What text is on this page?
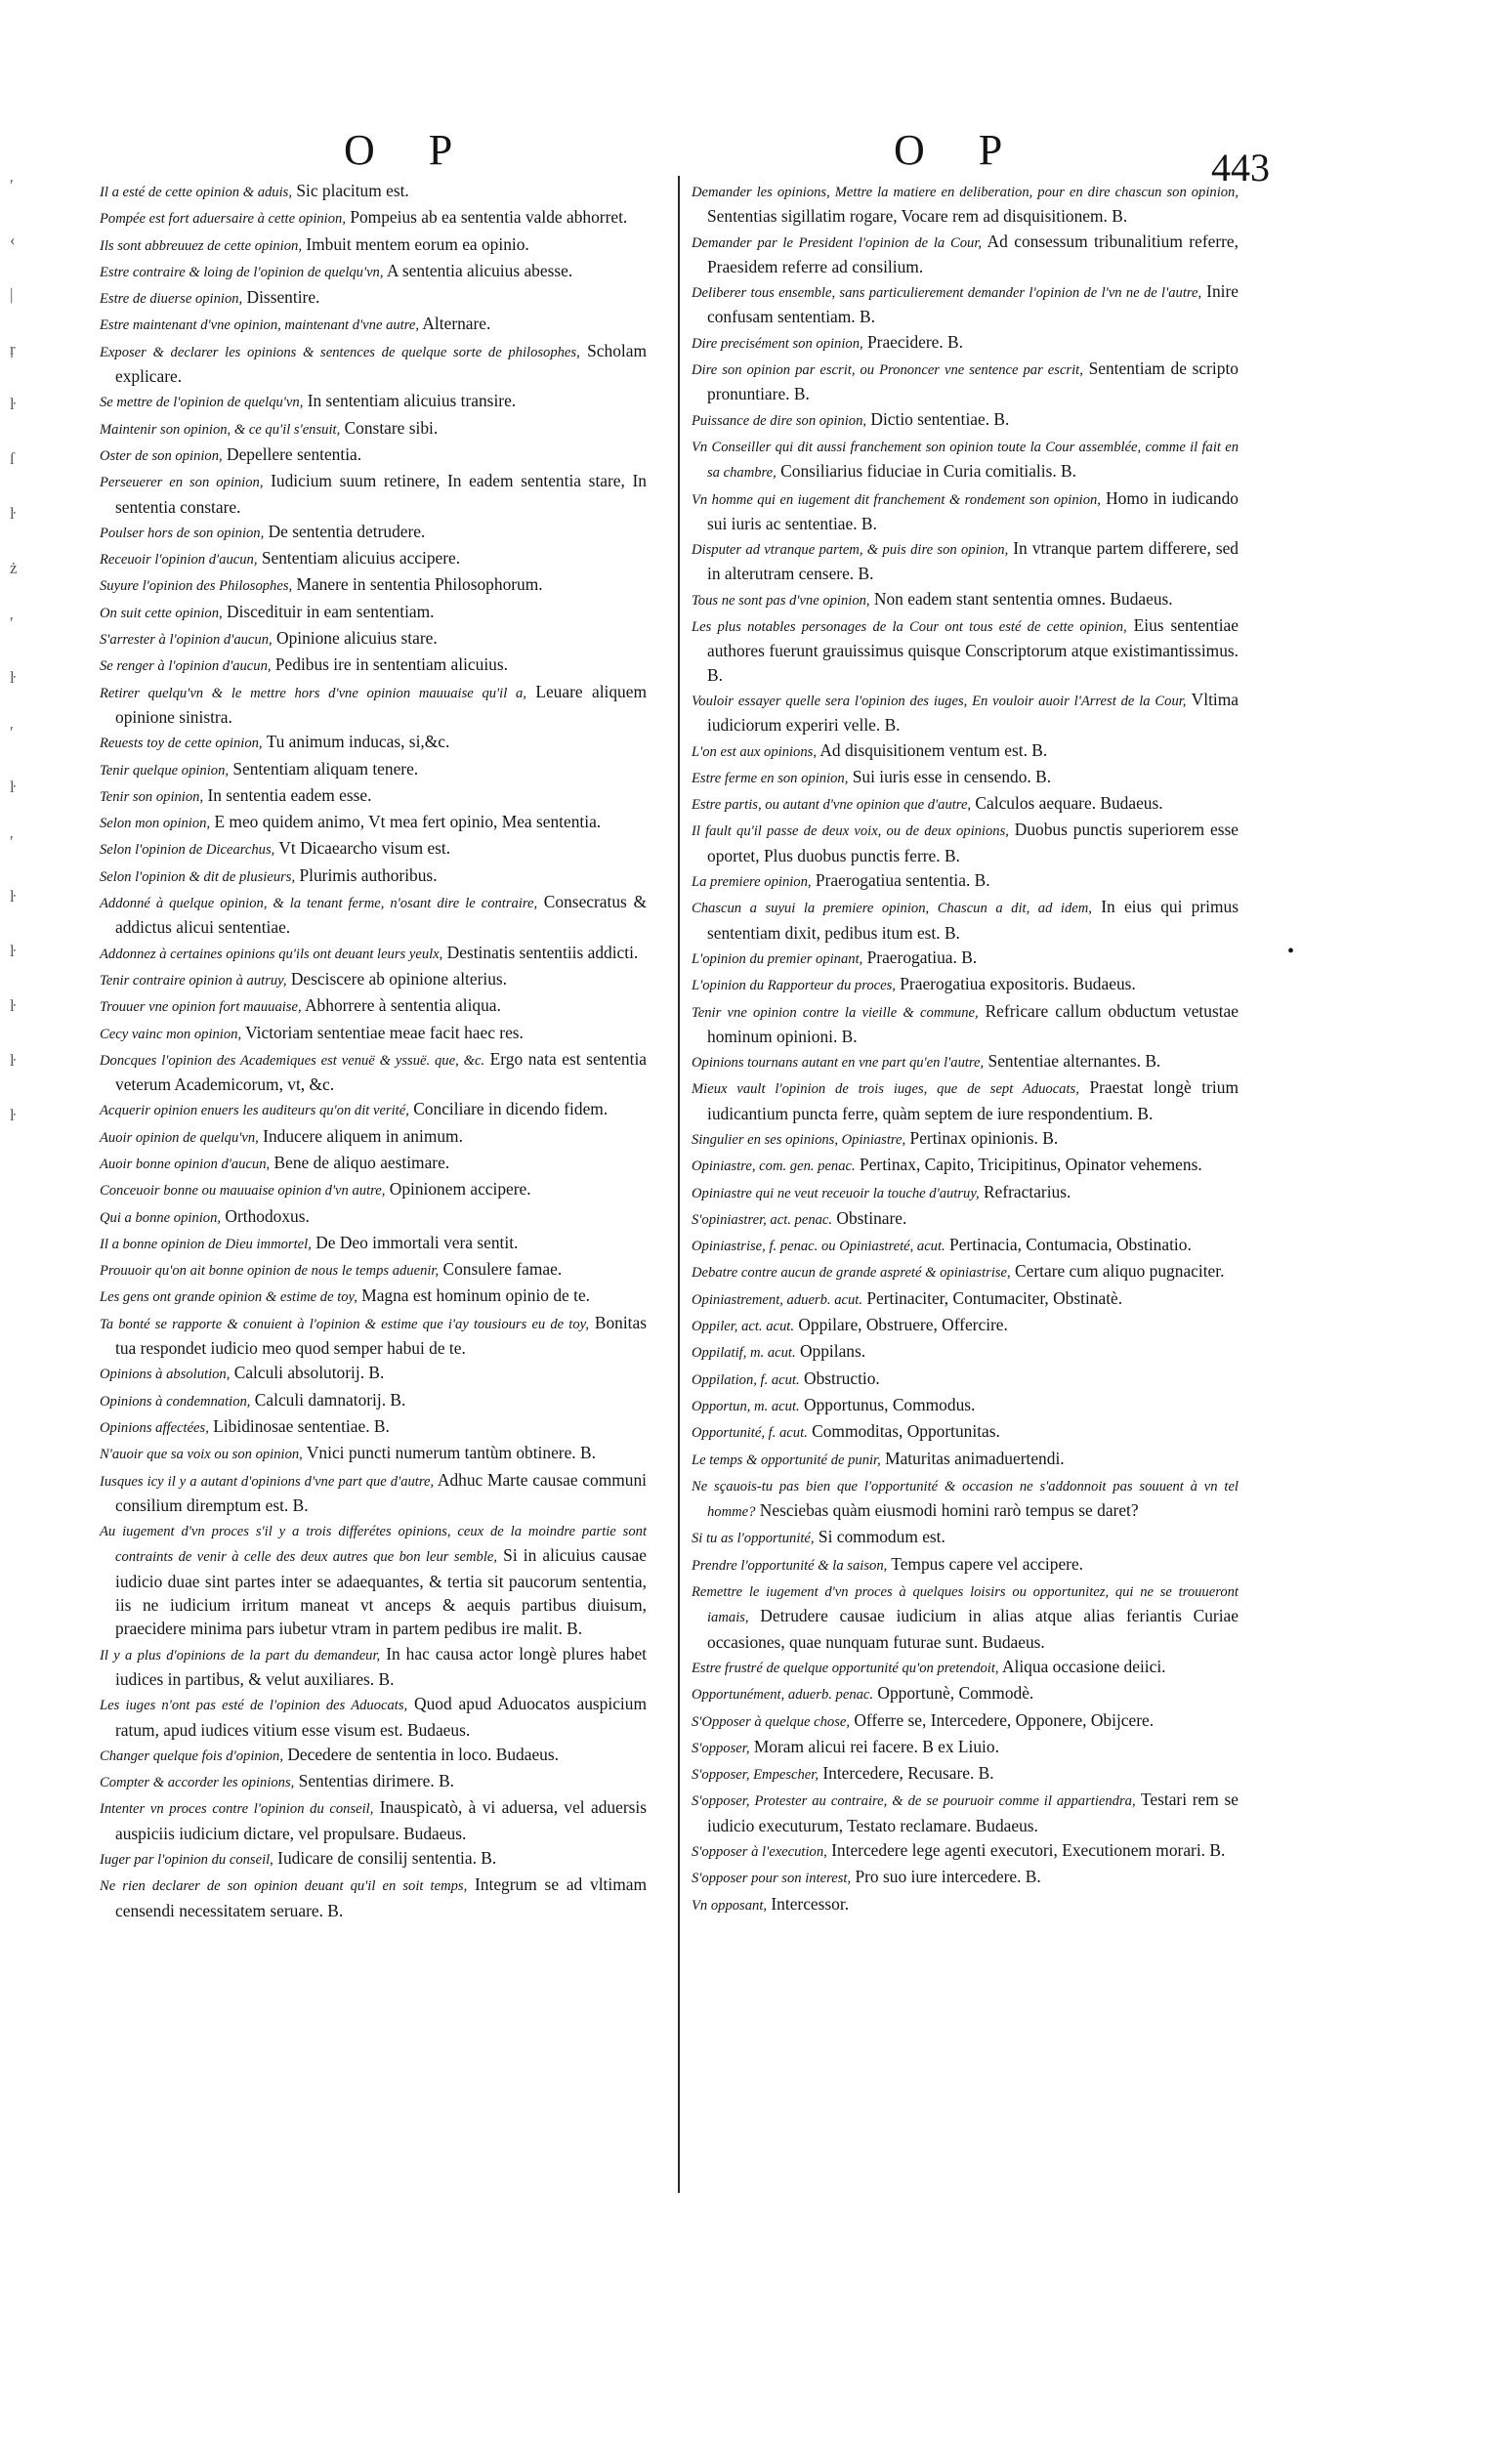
O P	O P	443
ʹ
‹
|
ŗ
ŀ
ſ
ŀ
ż
ʹ
ŀ
ʹ
ŀ
ʹ
ŀ
ŀ
ŀ
ŀ
ŀ

Il a esté de cette opinion & aduis, Sic placitum est.

Pompée est fort aduersaire à cette opinion, Pompeius ab ea sententia valde abhorret.

Ils sont abbreuuez de cette opinion, Imbuit mentem eorum ea opinio.

Estre contraire & loing de l'opinion de quelqu'vn, A sententia alicuius abesse.

Estre de diuerse opinion, Dissentire.

Estre maintenant d'vne opinion, maintenant d'vne autre, Alternare.

Exposer & declarer les opinions & sentences de quelque sorte de philosophes, Scholam explicare.

Se mettre de l'opinion de quelqu'vn, In sententiam alicuius transire.

Maintenir son opinion, & ce qu'il s'ensuit, Constare sibi.

Oster de son opinion, Depellere sententia.

Perseuerer en son opinion, Iudicium suum retinere, In eadem sententia stare, In sententia constare.

Poulser hors de son opinion, De sententia detrudere.

Receuoir l'opinion d'aucun, Sententiam alicuius accipere.

Suyure l'opinion des Philosophes, Manere in sententia Philosophorum.

On suit cette opinion, Discedituir in eam sententiam.

S'arrester à l'opinion d'aucun, Opinione alicuius stare.

Se renger à l'opinion d'aucun, Pedibus ire in sententiam alicuius.

Retirer quelqu'vn & le mettre hors d'vne opinion mauuaise qu'il a, Leuare aliquem opinione sinistra.

Reuests toy de cette opinion, Tu animum inducas, si,&c.

Tenir quelque opinion, Sententiam aliquam tenere.

Tenir son opinion, In sententia eadem esse.

Selon mon opinion, E meo quidem animo, Vt mea fert opinio, Mea sententia.

Selon l'opinion de Dicearchus, Vt Dicaearcho visum est.

Selon l'opinion & dit de plusieurs, Plurimis authoribus.

Addonné à quelque opinion, & la tenant ferme, n'osant dire le contraire, Consecratus & addictus alicui sententiae.

Addonnez à certaines opinions qu'ils ont deuant leurs yeulx, Destinatis sententiis addicti.

Tenir contraire opinion à autruy, Desciscere ab opinione alterius.

Trouuer vne opinion fort mauuaise, Abhorrere à sententia aliqua.

Cecy vainc mon opinion, Victoriam sententiae meae facit haec res.

Doncques l'opinion des Academiques est venuë & yssuë. que, &c. Ergo nata est sententia veterum Academicorum, vt, &c.

Acquerir opinion enuers les auditeurs qu'on dit verité, Conciliare in dicendo fidem.

Auoir opinion de quelqu'vn, Inducere aliquem in animum.

Auoir bonne opinion d'aucun, Bene de aliquo aestimare.

Conceuoir bonne ou mauuaise opinion d'vn autre, Opinionem accipere.

Qui a bonne opinion, Orthodoxus.

Il a bonne opinion de Dieu immortel, De Deo immortali vera sentit.

Prouuoir qu'on ait bonne opinion de nous le temps aduenir, Consulere famae.

Les gens ont grande opinion & estime de toy, Magna est hominum opinio de te.

Ta bonté se rapporte & conuient à l'opinion & estime que i'ay tousiours eu de toy, Bonitas tua respondet iudicio meo quod semper habui de te.

Opinions à absolution, Calculi absolutorij. B.

Opinions à condemnation, Calculi damnatorij. B.

Opinions affectées, Libidinosae sententiae. B.

N'auoir que sa voix ou son opinion, Vnici puncti numerum tantùm obtinere. B.

Iusques icy il y a autant d'opinions d'vne part que d'autre, Adhuc Marte causae communi consilium diremptum est. B.

Au iugement d'vn proces s'il y a trois differétes opinions, ceux de la moindre partie sont contraints de venir à celle des deux autres que bon leur semble, Si in alicuius causae iudicio duae sint partes inter se adaequantes, & tertia sit paucorum sententia, iis ne iudicium irritum maneat vt anceps & aequis partibus diuisum, praecidere minima pars iubetur vtram in partem pedibus ire malit. B.

Il y a plus d'opinions de la part du demandeur, In hac causa actor longè plures habet iudices in partibus, & velut auxiliares. B.

Les iuges n'ont pas esté de l'opinion des Aduocats, Quod apud Aduocatos auspicium ratum, apud iudices vitium esse visum est. Budaeus.

Changer quelque fois d'opinion, Decedere de sententia in loco. Budaeus.

Compter & accorder les opinions, Sententias dirimere. B.

Intenter vn proces contre l'opinion du conseil, Inauspicatò, à vi aduersa, vel aduersis auspiciis iudicium dictare, vel propulsare. Budaeus.

Iuger par l'opinion du conseil, Iudicare de consilij sententia. B.

Ne rien declarer de son opinion deuant qu'il en soit temps, Integrum se ad vltimam censendi necessitatem seruare. B.

Demander les opinions, Mettre la matiere en deliberation, pour en dire chascun son opinion, Sententias sigillatim rogare, Vocare rem ad disquisitionem. B.

Demander par le President l'opinion de la Cour, Ad consessum tribunalitium referre, Praesidem referre ad consilium.

Deliberer tous ensemble, sans particulierement demander l'opinion de l'vn ne de l'autre, Inire confusam sententiam. B.

Dire precisément son opinion, Praecidere. B.

Dire son opinion par escrit, ou Prononcer vne sentence par escrit, Sententiam de scripto pronuntiare. B.

Puissance de dire son opinion, Dictio sententiae. B.

Vn Conseiller qui dit aussi franchement son opinion toute la Cour assemblée, comme il fait en sa chambre, Consiliarius fiduciae in Curia comitialis. B.

Vn homme qui en iugement dit franchement & rondement son opinion, Homo in iudicando sui iuris ac sententiae. B.

Disputer ad vtranque partem, & puis dire son opinion, In vtranque partem differere, sed in alterutram censere. B.

Tous ne sont pas d'vne opinion, Non eadem stant sententia omnes. Budaeus.

Les plus notables personages de la Cour ont tous esté de cette opinion, Eius sententiae authores fuerunt grauissimus quisque Conscriptorum atque existimantissimus. B.

Vouloir essayer quelle sera l'opinion des iuges, En vouloir auoir l'Arrest de la Cour, Vltima iudiciorum experiri velle. B.

L'on est aux opinions, Ad disquisitionem ventum est. B.

Estre ferme en son opinion, Sui iuris esse in censendo. B.

Estre partis, ou autant d'vne opinion que d'autre, Calculos aequare. Budaeus.

Il fault qu'il passe de deux voix, ou de deux opinions, Duobus punctis superiorem esse oportet, Plus duobus punctis ferre. B.

La premiere opinion, Praerogatiua sententia. B.

Chascun a suyui la premiere opinion, Chascun a dit, ad idem, In eius qui primus sententiam dixit, pedibus itum est. B.

L'opinion du premier opinant, Praerogatiua. B.

L'opinion du Rapporteur du proces, Praerogatiua expositoris. Budaeus.

Tenir vne opinion contre la vieille & commune, Refricare callum obductum vetustae hominum opinioni. B.

Opinions tournans autant en vne part qu'en l'autre, Sententiae alternantes. B.

Mieux vault l'opinion de trois iuges, que de sept Aduocats, Praestat longè trium iudicantium puncta ferre, quàm septem de iure respondentium. B.

Singulier en ses opinions, Opiniastre, Pertinax opinionis. B.

Opiniastre, com. gen. penac. Pertinax, Capito, Tricipitinus, Opinator vehemens.

Opiniastre qui ne veut receuoir la touche d'autruy, Refractarius.

S'opiniastrer, act. penac. Obstinare.

Opiniastrise, f. penac. ou Opiniastreté, acut. Pertinacia, Contumacia, Obstinatio.

Debatre contre aucun de grande aspreté & opiniastrise, Certare cum aliquo pugnaciter.

Opiniastrement, aduerb. acut. Pertinaciter, Contumaciter, Obstinatè.

Oppiler, act. acut. Oppilare, Obstruere, Offercire.

Oppilatif, m. acut. Oppilans.

Oppilation, f. acut. Obstructio.

Opportun, m. acut. Opportunus, Commodus.

Opportunité, f. acut. Commoditas, Opportunitas.

Le temps & opportunité de punir, Maturitas animaduertendi.

Ne sçauois-tu pas bien que l'opportunité & occasion ne s'addonnoit pas souuent à vn tel homme? Nesciebas quàm eiusmodi homini rarò tempus se daret?

Si tu as l'opportunité, Si commodum est.

Prendre l'opportunité & la saison, Tempus capere vel accipere.

Remettre le iugement d'vn proces à quelques loisirs ou opportunitez, qui ne se trouueront iamais, Detrudere causae iudicium in alias atque alias feriantis Curiae occasiones, quae nunquam futurae sunt. Budaeus.

Estre frustré de quelque opportunité qu'on pretendoit, Aliqua occasione deiici.

Opportunément, aduerb. penac. Opportunè, Commodè.

S'Opposer à quelque chose, Offerre se, Intercedere, Opponere, Obijcere.

S'opposer, Moram alicui rei facere. B ex Liuio.

S'opposer, Empescher, Intercedere, Recusare. B.

S'opposer, Protester au contraire, & de se pouruoir comme il appartiendra, Testari rem se iudicio executurum, Testato reclamare. Budaeus.

S'opposer à l'execution, Intercedere lege agenti executori, Executionem morari. B.

S'opposer pour son interest, Pro suo iure intercedere. B.

Vn opposant, Intercessor.

•
